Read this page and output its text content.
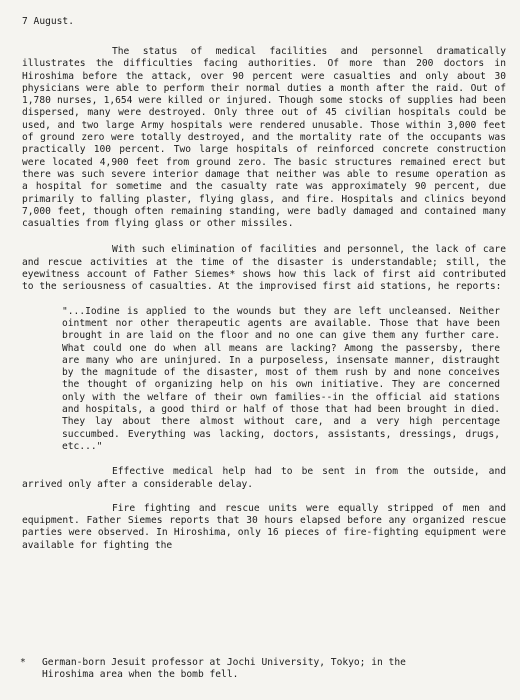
7 August.

The status of medical facilities and personnel dramatically illustrates the difficulties facing authorities. Of more than 200 doctors in Hiroshima before the attack, over 90 percent were casualties and only about 30 physicians were able to perform their normal duties a month after the raid. Out of 1,780 nurses, 1,654 were killed or injured. Though some stocks of supplies had been dispersed, many were destroyed. Only three out of 45 civilian hospitals could be used, and two large Army hospitals were rendered unusable. Those within 3,000 feet of ground zero were totally destroyed, and the mortality rate of the occupants was practically 100 percent. Two large hospitals of reinforced concrete construction were located 4,900 feet from ground zero. The basic structures remained erect but there was such severe interior damage that neither was able to resume operation as a hospital for sometime and the casualty rate was approximately 90 percent, due primarily to falling plaster, flying glass, and fire. Hospitals and clinics beyond 7,000 feet, though often remaining standing, were badly damaged and contained many casualties from flying glass or other missiles.

With such elimination of facilities and personnel, the lack of care and rescue activities at the time of the disaster is understandable; still, the eyewitness account of Father Siemes* shows how this lack of first aid contributed to the seriousness of casualties. At the improvised first aid stations, he reports:

"...Iodine is applied to the wounds but they are left uncleansed. Neither ointment nor other therapeutic agents are available. Those that have been brought in are laid on the floor and no one can give them any further care. What could one do when all means are lacking? Among the passersby, there are many who are uninjured. In a purposeless, insensate manner, distraught by the magnitude of the disaster, most of them rush by and none conceives the thought of organizing help on his own initiative. They are concerned only with the welfare of their own families--in the official aid stations and hospitals, a good third or half of those that had been brought in died. They lay about there almost without care, and a very high percentage succumbed. Everything was lacking, doctors, assistants, dressings, drugs, etc..."

Effective medical help had to be sent in from the outside, and arrived only after a considerable delay.

Fire fighting and rescue units were equally stripped of men and equipment. Father Siemes reports that 30 hours elapsed before any organized rescue parties were observed. In Hiroshima, only 16 pieces of fire-fighting equipment were available for fighting the

* German-born Jesuit professor at Jochi University, Tokyo; in the
Hiroshima area when the bomb fell.
